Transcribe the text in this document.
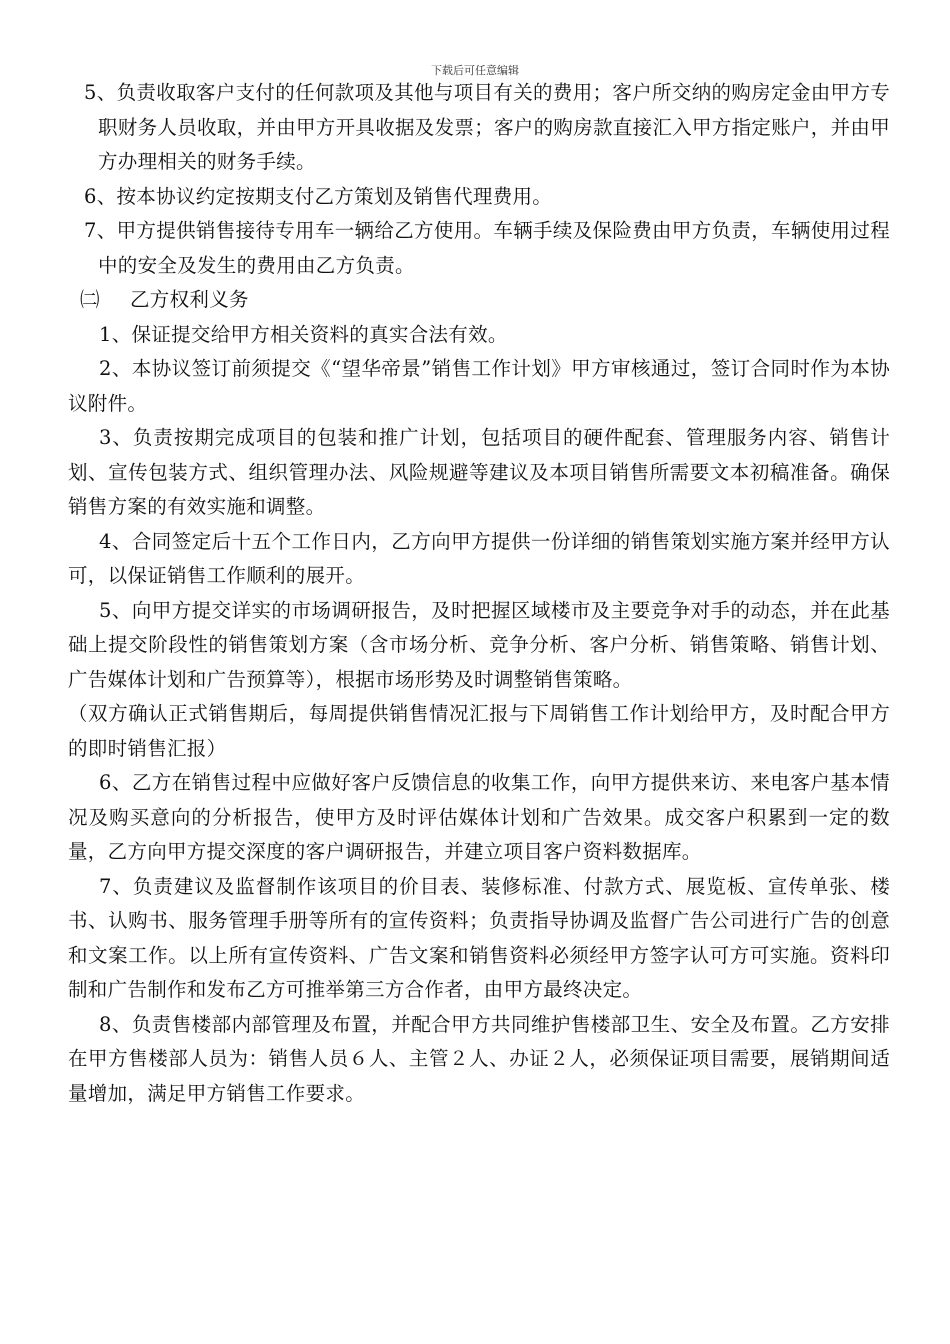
下载后可任意编辑

5、负责收取客户支付的任何款项及其他与项目有关的费用；客户所交纳的购房定金由甲方专职财务人员收取，并由甲方开具收据及发票；客户的购房款直接汇入甲方指定账户，并由甲方办理相关的财务手续。

6、按本协议约定按期支付乙方策划及销售代理费用。

7、甲方提供销售接待专用车一辆给乙方使用。车辆手续及保险费由甲方负责，车辆使用过程中的安全及发生的费用由乙方负责。

㈡ 乙方权利义务

1、保证提交给甲方相关资料的真实合法有效。

2、本协议签订前须提交《“望华帝景”销售工作计划》甲方审核通过，签订合同时作为本协议附件。

3、负责按期完成项目的包装和推广计划，包括项目的硬件配套、管理服务内容、销售计划、宣传包装方式、组织管理办法、风险规避等建议及本项目销售所需要文本初稿准备。确保销售方案的有效实施和调整。

4、合同签定后十五个工作日内，乙方向甲方提供一份详细的销售策划实施方案并经甲方认可，以保证销售工作顺利的展开。

5、向甲方提交详实的市场调研报告，及时把握区域楼市及主要竞争对手的动态，并在此基础上提交阶段性的销售策划方案（含市场分析、竞争分析、客户分析、销售策略、销售计划、广告媒体计划和广告预算等），根据市场形势及时调整销售策略。

（双方确认正式销售期后，每周提供销售情况汇报与下周销售工作计划给甲方，及时配合甲方的即时销售汇报）

6、乙方在销售过程中应做好客户反馈信息的收集工作，向甲方提供来访、来电客户基本情况及购买意向的分析报告，使甲方及时评估媒体计划和广告效果。成交客户积累到一定的数量，乙方向甲方提交深度的客户调研报告，并建立项目客户资料数据库。

7、负责建议及监督制作该项目的价目表、装修标准、付款方式、展览板、宣传单张、楼书、认购书、服务管理手册等所有的宣传资料；负责指导协调及监督广告公司进行广告的创意和文案工作。以上所有宣传资料、广告文案和销售资料必须经甲方签字认可方可实施。资料印制和广告制作和发布乙方可推举第三方合作者，由甲方最终决定。

8、负责售楼部内部管理及布置，并配合甲方共同维护售楼部卫生、安全及布置。乙方安排在甲方售楼部人员为：销售人员６人、主管２人、办证２人，必须保证项目需要，展销期间适量增加，满足甲方销售工作要求。
